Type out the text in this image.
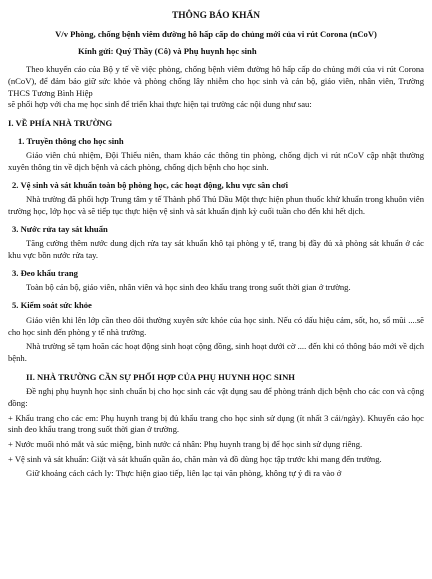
THÔNG BÁO KHẨN

V/v Phòng, chống bệnh viêm đường hô hấp cấp do chủng mới của vi rút Corona (nCoV)

Kính gửi: Quý Thầy (Cô) và Phụ huynh học sinh

Theo khuyến cáo của Bộ y tế về việc phòng, chống bệnh viêm đường hô hấp cấp do chủng mới của vi rút Corona (nCoV), để đảm bảo giữ sức khỏe và phòng chống lây nhiễm cho học sinh và cán bộ, giáo viên, nhân viên, Trường THCS Tương Bình Hiệp

sẽ phối hợp với cha mẹ học sinh để triển khai thực hiện tại trường các nội dung như sau:

I. VỀ PHÍA NHÀ TRƯỜNG

1. Truyền thông cho học sinh

Giáo viên chủ nhiệm, Đội Thiếu niên, tham khảo các thông tin phòng, chống dịch vi rút nCoV cập nhật thường xuyên thông tin về dịch bệnh và cách phòng, chống dịch bệnh cho học sinh.

2. Vệ sinh và sát khuẩn toàn bộ phòng học, các hoạt động, khu vực sân chơi

Nhà trường đã phối hợp Trung tâm y tế Thành phố Thủ Dầu Một thực hiện phun thuốc khử khuẩn trong khuôn viên trường học, lớp học và sẽ tiếp tục thực hiện vệ sinh và sát khuẩn định kỳ cuối tuần cho đến khi hết dịch.

3. Nước rửa tay sát khuẩn

Tăng cường thêm nước dung dịch rửa tay sát khuẩn khô tại phòng y tế, trang bị đầy đủ xà phòng sát khuẩn ở các khu vực bồn nước rửa tay.

3. Đeo khẩu trang

Toàn bộ cán bộ, giáo viên, nhân viên và học sinh đeo khẩu trang trong suốt thời gian ở trường.

5. Kiểm soát sức khỏe

Giáo viên khi lên lớp cần theo dõi thường xuyên sức khỏe của học sinh. Nếu có dấu hiệu cảm, sốt, ho, sổ mũi ....sẽ cho học sinh đến phòng y tế nhà trường.

Nhà trường sẽ tạm hoãn các hoạt động sinh hoạt cộng đồng, sinh hoạt dưới cờ .... đến khi có thông báo mới về dịch bệnh.

II. NHÀ TRƯỜNG CẦN SỰ PHỐI HỢP CỦA PHỤ HUYNH HỌC SINH

Đề nghị phụ huynh học sinh chuẩn bị cho học sinh các vật dụng sau để phòng tránh dịch bệnh cho các con và cộng đồng:

+ Khẩu trang cho các em: Phụ huynh trang bị đủ khẩu trang cho học sinh sử dụng (ít nhất 3 cái/ngày). Khuyến cáo học sinh đeo khẩu trang trong suốt thời gian ở trường.

+ Nước muối nhỏ mắt và súc miệng, bình nước cá nhân: Phụ huynh trang bị để học sinh sử dụng riêng.

+ Vệ sinh và sát khuẩn: Giặt và sát khuẩn quần áo, chăn màn và đồ dùng học tập trước khi mang đến trường.

Giữ khoảng cách cách ly: Thực hiện giao tiếp, liên lạc tại văn phòng, không tự ý đi ra vào ở
